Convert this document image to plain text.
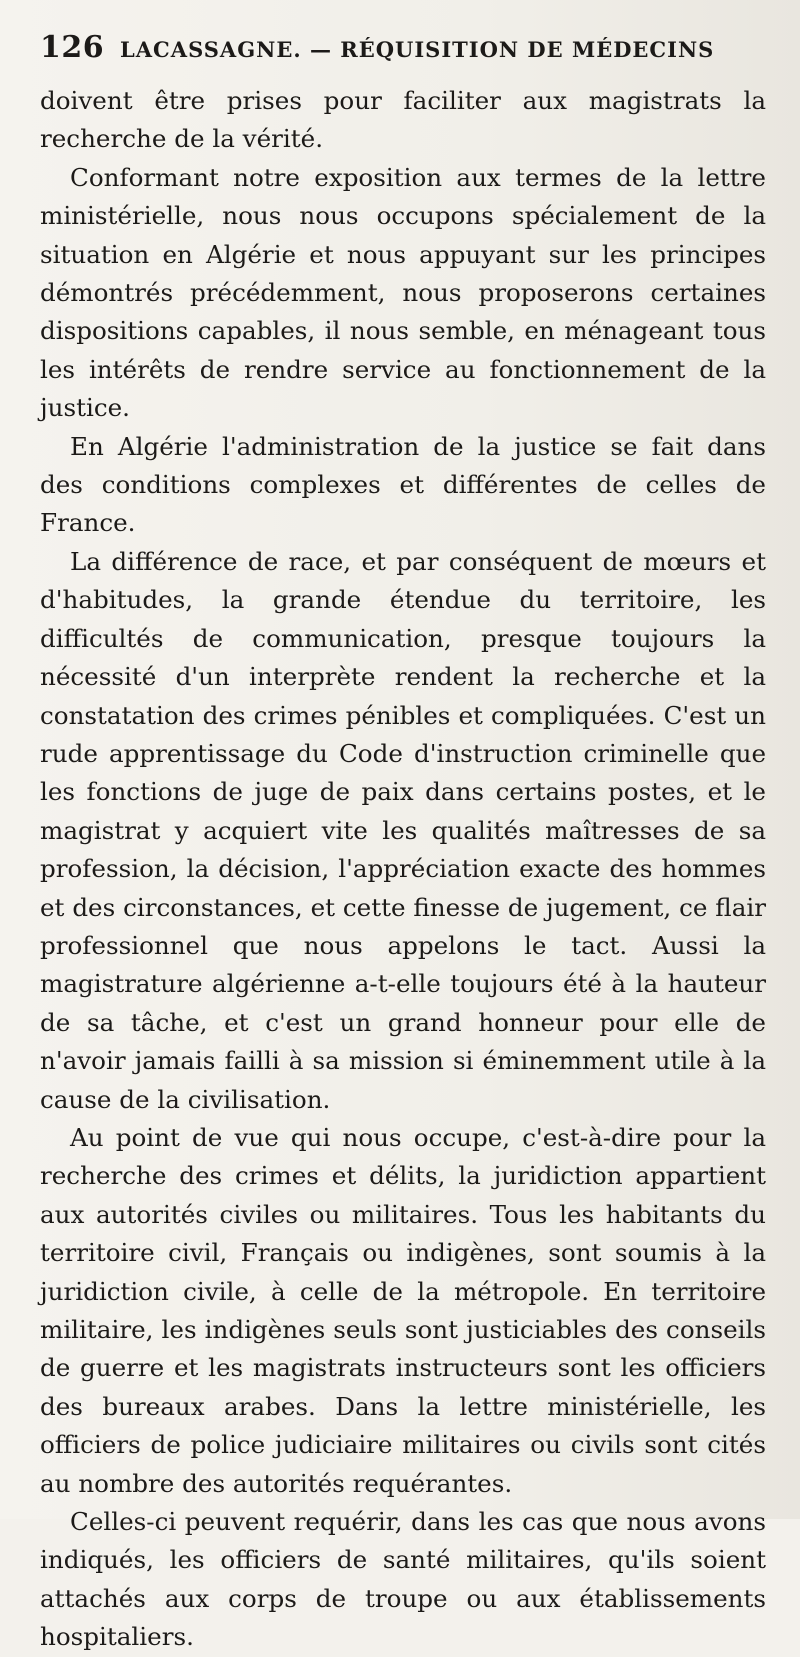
126 LACASSAGNE. — RÉQUISITION DE MÉDECINS

doivent être prises pour faciliter aux magistrats la recherche de la vérité.

Conformant notre exposition aux termes de la lettre ministérielle, nous nous occupons spécialement de la situation en Algérie et nous appuyant sur les principes démontrés précédemment, nous proposerons certaines dispositions capables, il nous semble, en ménageant tous les intérêts de rendre service au fonctionnement de la justice.

En Algérie l'administration de la justice se fait dans des conditions complexes et différentes de celles de France.

La différence de race, et par conséquent de mœurs et d'habitudes, la grande étendue du territoire, les difficultés de communication, presque toujours la nécessité d'un interprète rendent la recherche et la constatation des crimes pénibles et compliquées. C'est un rude apprentissage du Code d'instruction criminelle que les fonctions de juge de paix dans certains postes, et le magistrat y acquiert vite les qualités maîtresses de sa profession, la décision, l'appréciation exacte des hommes et des circonstances, et cette finesse de jugement, ce flair professionnel que nous appelons le tact. Aussi la magistrature algérienne a-t-elle toujours été à la hauteur de sa tâche, et c'est un grand honneur pour elle de n'avoir jamais failli à sa mission si éminemment utile à la cause de la civilisation.

Au point de vue qui nous occupe, c'est-à-dire pour la recherche des crimes et délits, la juridiction appartient aux autorités civiles ou militaires. Tous les habitants du territoire civil, Français ou indigènes, sont soumis à la juridiction civile, à celle de la métropole. En territoire militaire, les indigènes seuls sont justiciables des conseils de guerre et les magistrats instructeurs sont les officiers des bureaux arabes. Dans la lettre ministérielle, les officiers de police judiciaire militaires ou civils sont cités au nombre des autorités requérantes.

Celles-ci peuvent requérir, dans les cas que nous avons indiqués, les officiers de santé militaires, qu'ils soient attachés aux corps de troupe ou aux établissements hospitaliers.
